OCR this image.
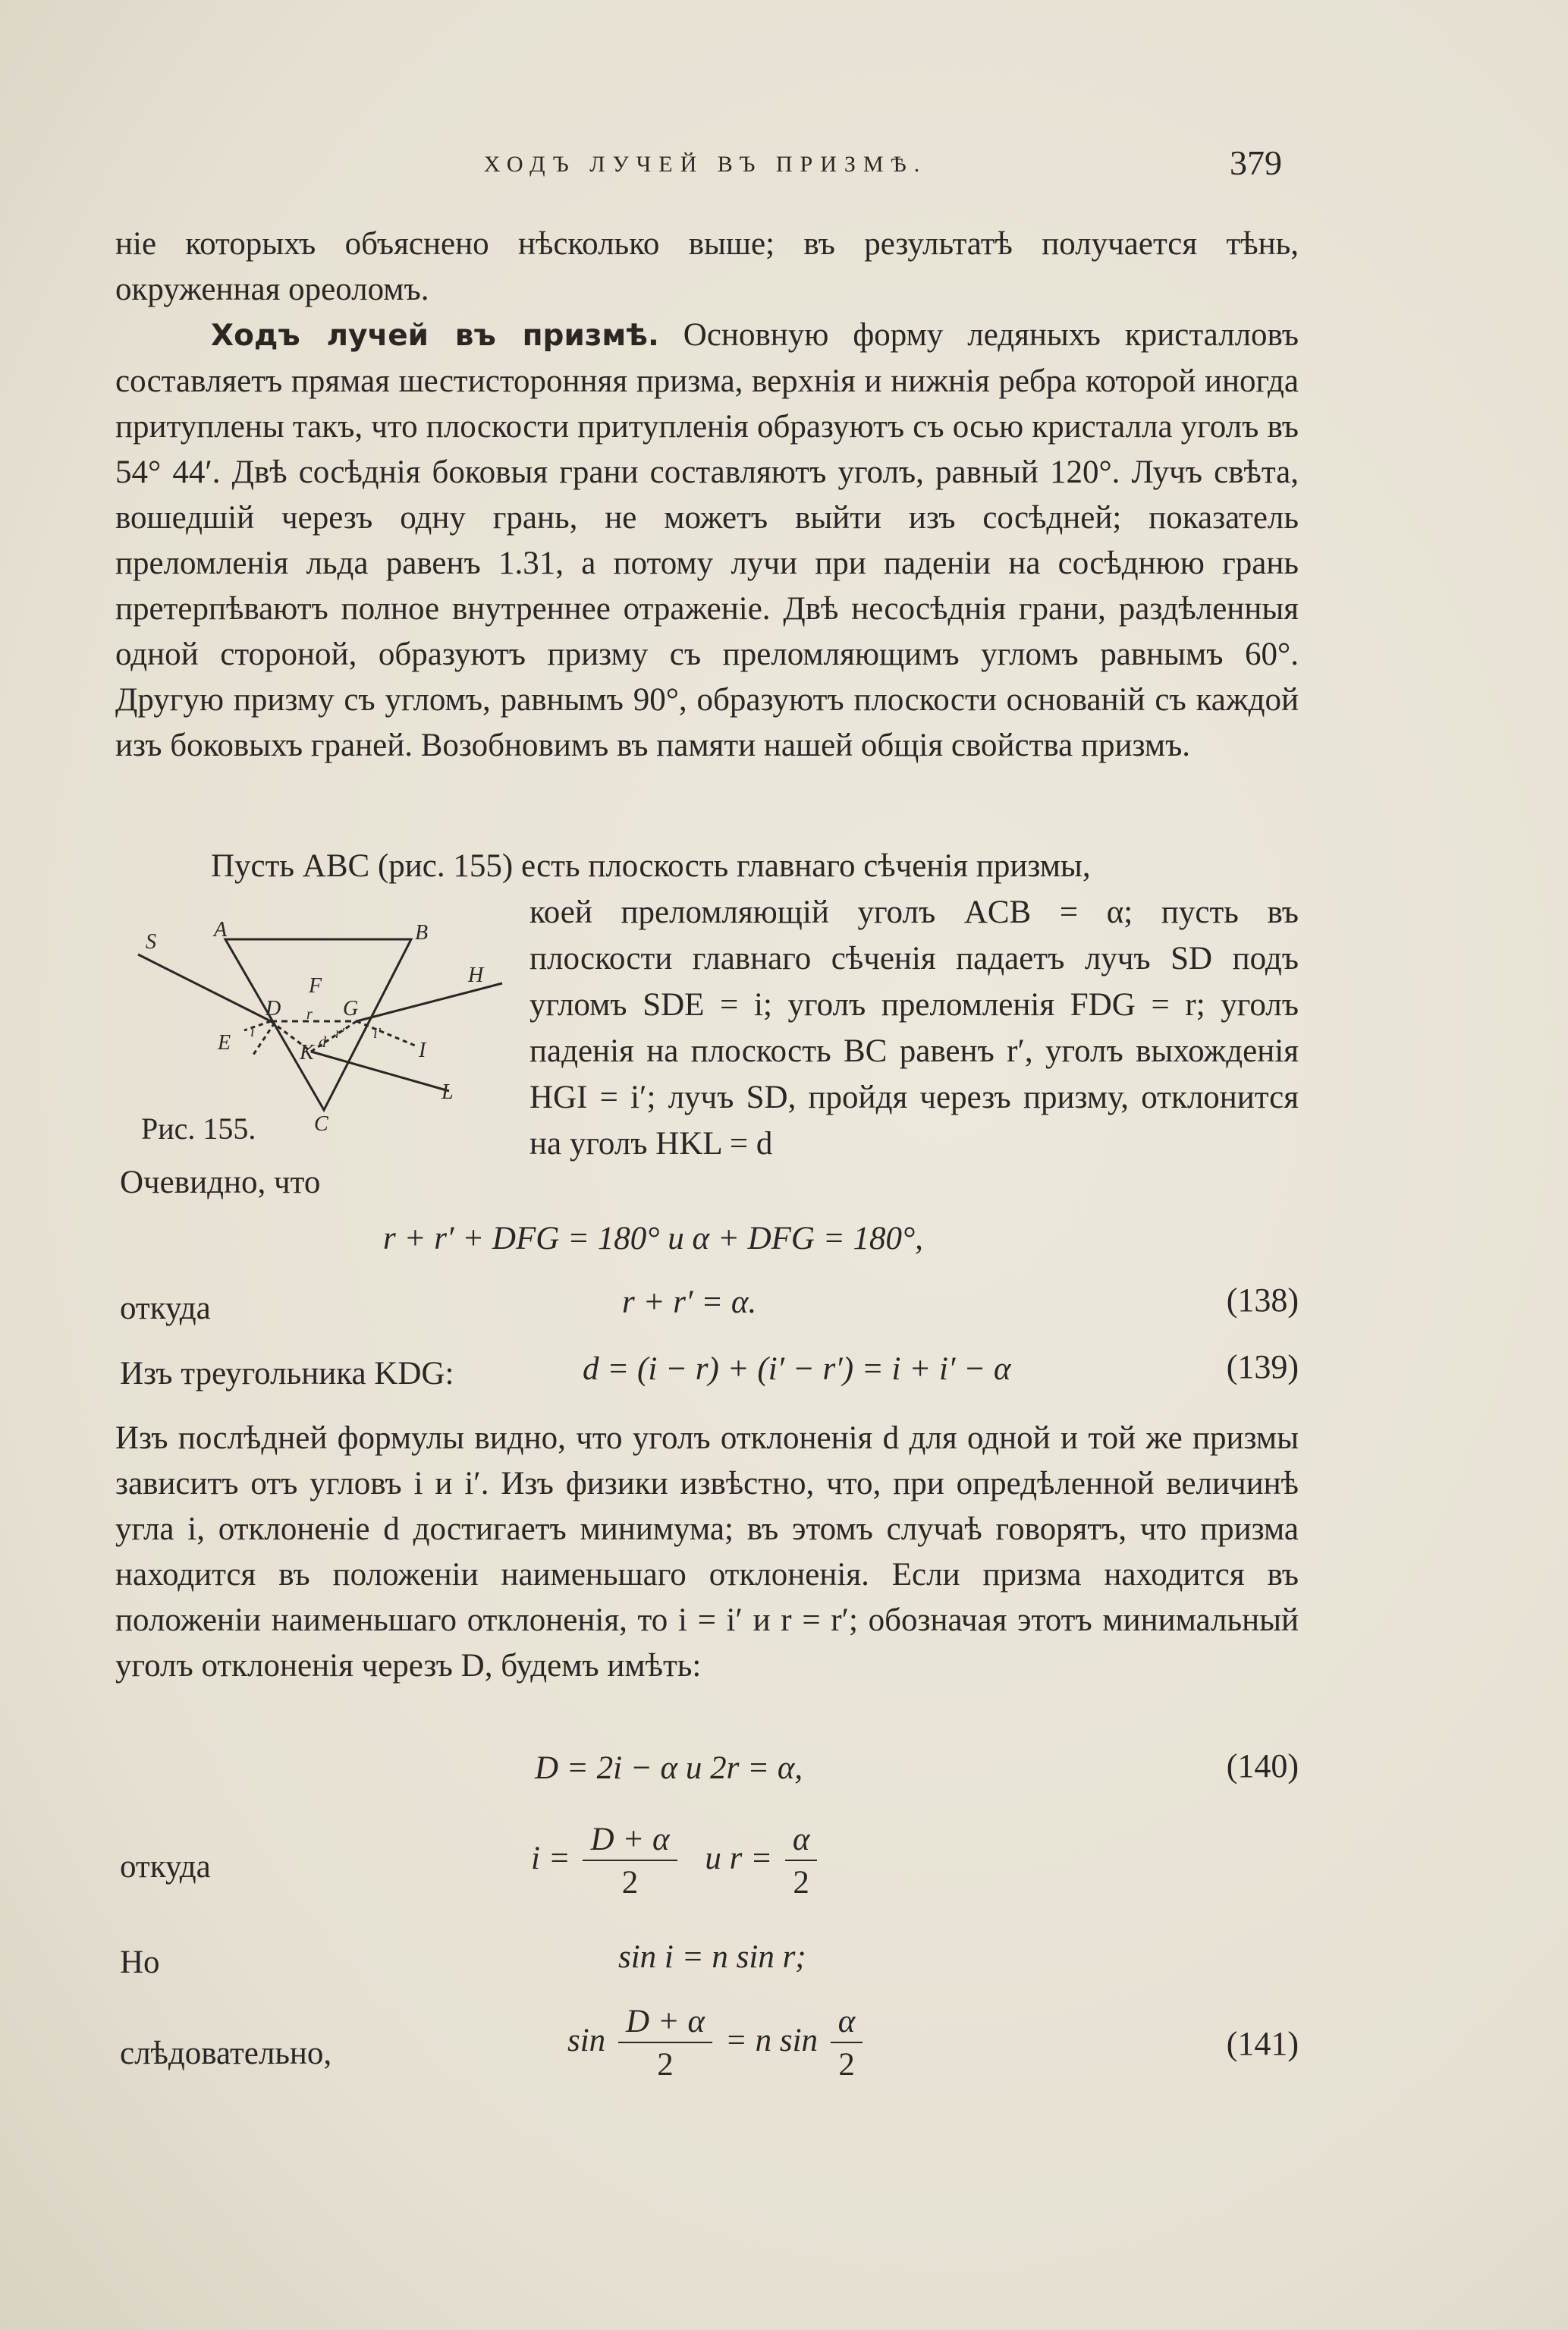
ХОДЪ ЛУЧЕЙ ВЪ ПРИЗМѢ.	379

ніе которыхъ объяснено нѣсколько выше; въ результатѣ получается тѣнь, окруженная ореоломъ.

Ходъ лучей въ призмѣ. Основную форму ледяныхъ кристалловъ составляетъ прямая шестисторонняя призма, верхнія и нижнія ребра которой иногда притуплены такъ, что плоскости притупленія образуютъ съ осью кристалла уголъ въ 54° 44′. Двѣ сосѣднія боковыя грани составляютъ уголъ, равный 120°. Лучъ свѣта, вошедшій черезъ одну грань, не можетъ выйти изъ сосѣдней; показатель преломленія льда равенъ 1.31, а потому лучи при паденіи на сосѣднюю грань претерпѣваютъ полное внутреннее отраженіе. Двѣ несосѣднія грани, раздѣленныя одной стороной, образуютъ призму съ преломляющимъ угломъ равнымъ 60°. Другую призму съ угломъ, равнымъ 90°, образуютъ плоскости основаній съ каждой изъ боковыхъ граней. Возобновимъ въ памяти нашей общія свойства призмъ.

Пусть ABC (рис. 155) есть плоскость главнаго сѣченія призмы,

S
A	B
H
D
F
r G
E	K	I
C
L
d
i	i′
r′
Рис. 155.

коей преломляющій уголъ ACB = α; пусть въ плоскости главнаго сѣченія падаетъ лучъ SD подъ угломъ SDE = i; уголъ преломленія FDG = r; уголъ паденія на плоскость BC равенъ r′, уголъ выхожденія HGI = i′; лучъ SD, пройдя черезъ призму, отклонится на уголъ HKL = d

Очевидно, что
r + r′ + DFG = 180° и α + DFG = 180°,
откуда	r + r′ = α.	(138)
Изъ треугольника KDG:	d = (i − r) + (i′ − r′) = i + i′ − α	(139)

Изъ послѣдней формулы видно, что уголъ отклоненія d для одной и той же призмы зависитъ отъ угловъ i и i′. Изъ физики извѣстно, что, при опредѣленной величинѣ угла i, отклоненіе d достигаетъ минимума; въ этомъ случаѣ говорятъ, что призма находится въ положеніи наименьшаго отклоненія. Если призма находится въ положеніи наименьшаго отклоненія, то i = i′ и r = r′; обозначая этотъ минимальный уголъ отклоненія черезъ D, будемъ имѣть:

D = 2i − α и 2r = α,	(140)
откуда	$i = \frac{D + \alpha}{2}$ и $r = \frac{\alpha}{2}$
Но	sin i = n sin r;
слѣдовательно,	$\sin \frac{D + \alpha}{2} = n$ $\sin \frac{\alpha}{2}$	(141)
